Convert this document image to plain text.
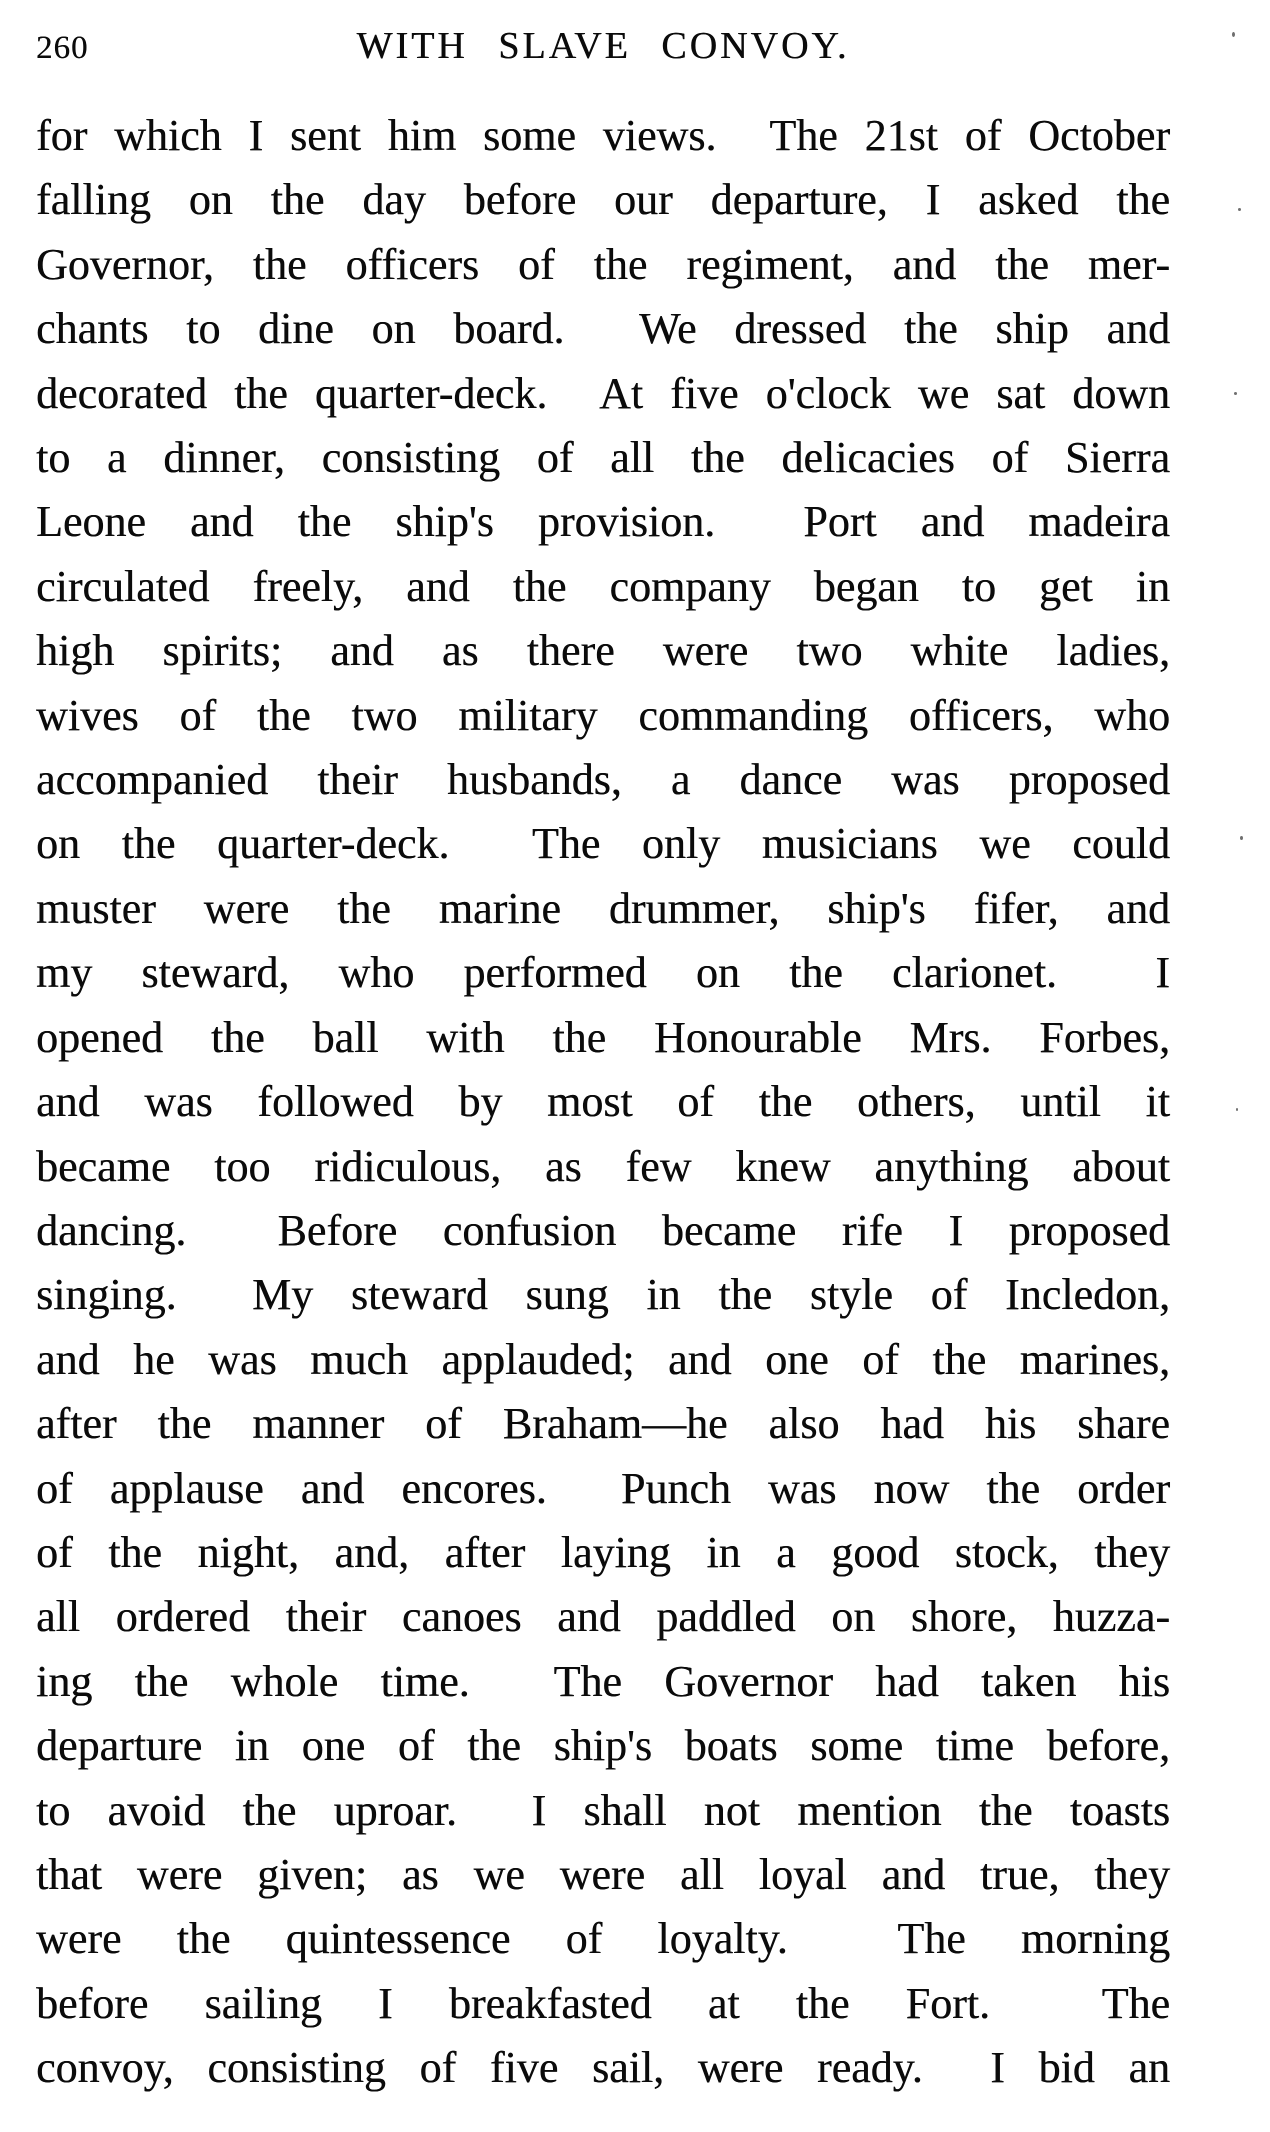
260	WITH SLAVE CONVOY.
for which I sent him some views.  The 21st of October
falling on the day before our departure, I asked the
Governor, the officers of the regiment, and the mer-
chants to dine on board.  We dressed the ship and
decorated the quarter-deck.  At five o'clock we sat down
to a dinner, consisting of all the delicacies of Sierra
Leone and the ship's provision.  Port and madeira
circulated freely, and the company began to get in
high spirits; and as there were two white ladies,
wives of the two military commanding officers, who
accompanied their husbands, a dance was proposed
on the quarter-deck.  The only musicians we could
muster were the marine drummer, ship's fifer, and
my steward, who performed on the clarionet.  I
opened the ball with the Honourable Mrs. Forbes,
and was followed by most of the others, until it
became too ridiculous, as few knew anything about
dancing.  Before confusion became rife I proposed
singing.  My steward sung in the style of Incledon,
and he was much applauded; and one of the marines,
after the manner of Braham—he also had his share
of applause and encores.  Punch was now the order
of the night, and, after laying in a good stock, they
all ordered their canoes and paddled on shore, huzza-
ing the whole time.  The Governor had taken his
departure in one of the ship's boats some time before,
to avoid the uproar.  I shall not mention the toasts
that were given; as we were all loyal and true, they
were the quintessence of loyalty.  The morning
before sailing I breakfasted at the Fort.  The
convoy, consisting of five sail, were ready.  I bid an
